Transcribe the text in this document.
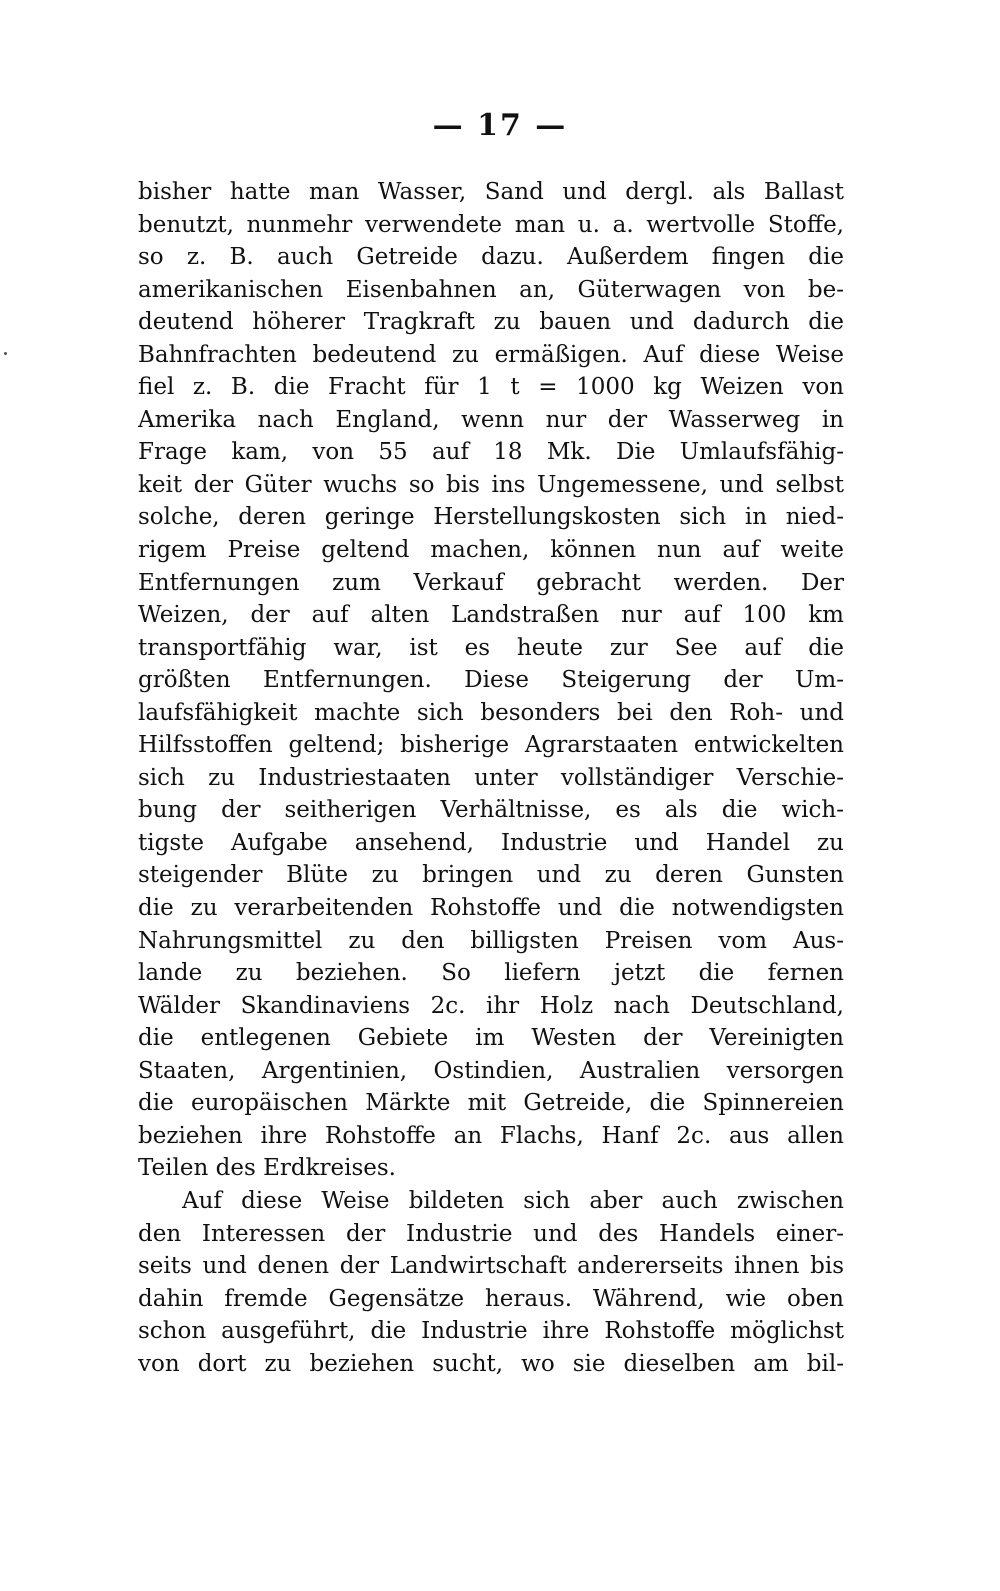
— 17 —
bisher hatte man Wasser, Sand und dergl. als Ballast
benutzt, nunmehr verwendete man u. a. wertvolle Stoffe,
so z. B. auch Getreide dazu. Außerdem fingen die
amerikanischen Eisenbahnen an, Güterwagen von be-
deutend höherer Tragkraft zu bauen und dadurch die
Bahnfrachten bedeutend zu ermäßigen. Auf diese Weise
fiel z. B. die Fracht für 1 t = 1000 kg Weizen von
Amerika nach England, wenn nur der Wasserweg in
Frage kam, von 55 auf 18 Mk. Die Umlaufsfähig-
keit der Güter wuchs so bis ins Ungemessene, und selbst
solche, deren geringe Herstellungskosten sich in nied-
rigem Preise geltend machen, können nun auf weite
Entfernungen zum Verkauf gebracht werden. Der
Weizen, der auf alten Landstraßen nur auf 100 km
transportfähig war, ist es heute zur See auf die
größten Entfernungen. Diese Steigerung der Um-
laufsfähigkeit machte sich besonders bei den Roh- und
Hilfsstoffen geltend; bisherige Agrarstaaten entwickelten
sich zu Industriestaaten unter vollständiger Verschie-
bung der seitherigen Verhältnisse, es als die wich-
tigste Aufgabe ansehend, Industrie und Handel zu
steigender Blüte zu bringen und zu deren Gunsten
die zu verarbeitenden Rohstoffe und die notwendigsten
Nahrungsmittel zu den billigsten Preisen vom Aus-
lande zu beziehen. So liefern jetzt die fernen
Wälder Skandinaviens 2c. ihr Holz nach Deutschland,
die entlegenen Gebiete im Westen der Vereinigten
Staaten, Argentinien, Ostindien, Australien versorgen
die europäischen Märkte mit Getreide, die Spinnereien
beziehen ihre Rohstoffe an Flachs, Hanf 2c. aus allen
Teilen des Erdkreises.
Auf diese Weise bildeten sich aber auch zwischen
den Interessen der Industrie und des Handels einer-
seits und denen der Landwirtschaft andererseits ihnen bis
dahin fremde Gegensätze heraus. Während, wie oben
schon ausgeführt, die Industrie ihre Rohstoffe möglichst
von dort zu beziehen sucht, wo sie dieselben am bil-
